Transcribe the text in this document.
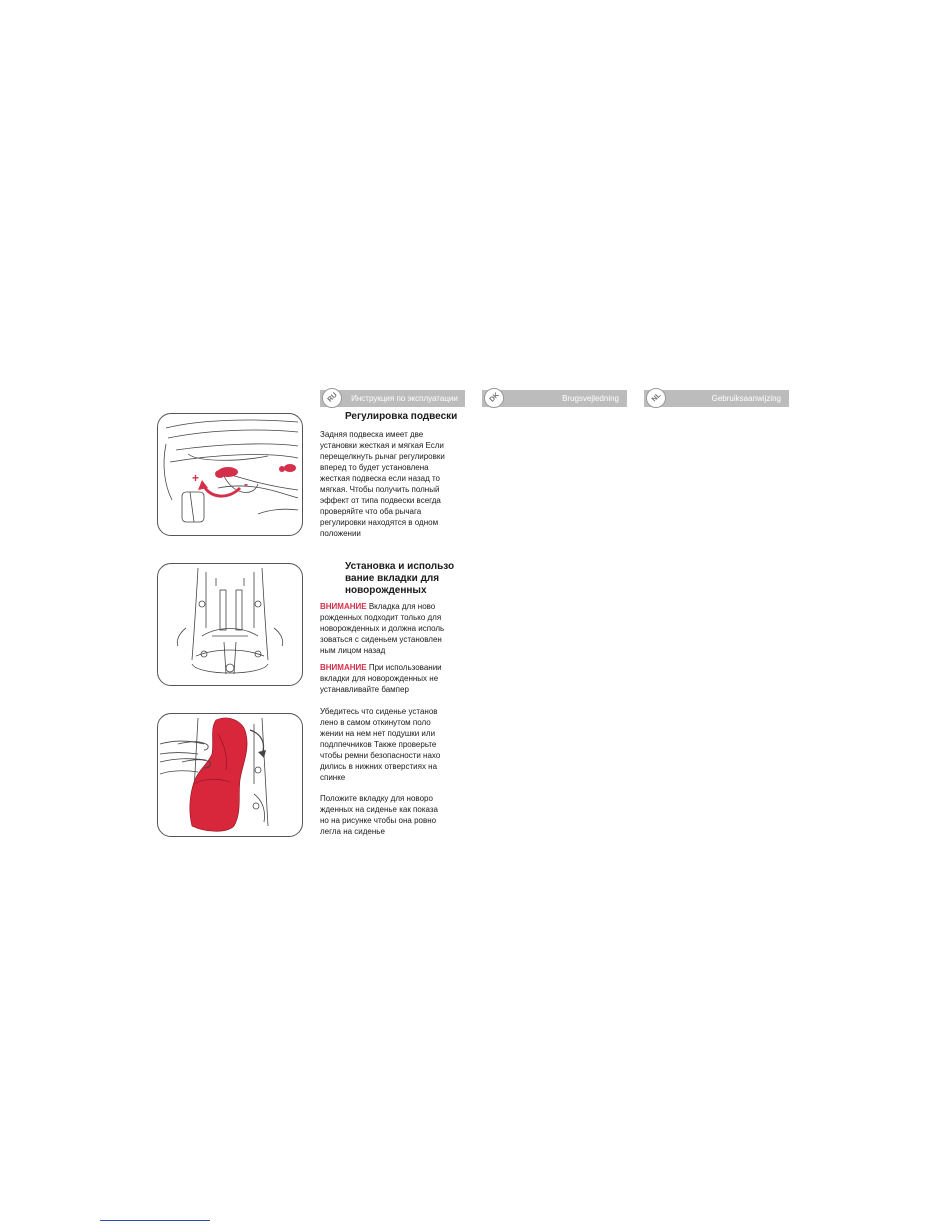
RU	Инструкция по эксплуатации	DK	Brugsvejledning	NL	Gebruiksaanwijzing
Регулировка подвески
Задняя подвеска имеет две
установки жесткая и мягкая Если
перещелкнуть рычаг регулировки
вперед то будет установлена
жесткая подвеска если назад то
мягкая. Чтобы получить полный
эффект от типа подвески всегда
проверяйте что оба рычага
регулировки находятся в одном
положении
Установка и использо
вание вкладки для
новорожденных
ВНИМАНИЕ Вкладка для ново
рожденных подходит только для
новорожденных и должна исполь
зоваться с сиденьем установлен
ным лицом назад
ВНИМАНИЕ При использовании
вкладки для новорожденных не
устанавливайте бампер
Убедитесь что сиденье установ
лено в самом откинутом поло
жении на нем нет подушки или
подлпечников Также проверьте
чтобы ремни безопасности нахо
дились в нижних отверстиях на
спинке
Положите вкладку для новоро
жденных на сиденье как показа
но на рисунке чтобы она ровно
легла на сиденье
+	-
